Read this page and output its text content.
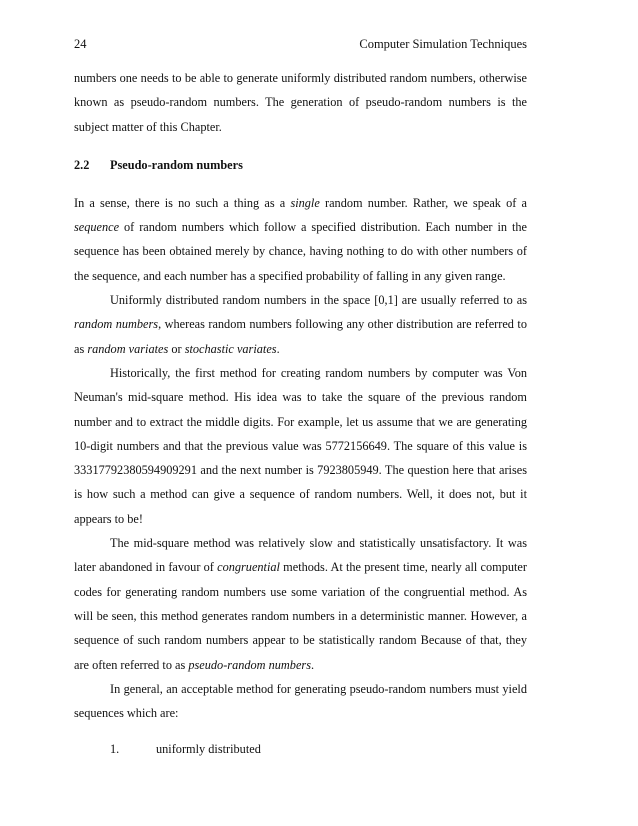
24	Computer Simulation Techniques

numbers one needs to be able to generate uniformly distributed random numbers, otherwise known as pseudo-random numbers. The generation of pseudo-random numbers is the subject matter of this Chapter.

2.2	Pseudo-random numbers

In a sense, there is no such a thing as a single random number. Rather, we speak of a sequence of random numbers which follow a specified distribution. Each number in the sequence has been obtained merely by chance, having nothing to do with other numbers of the sequence, and each number has a specified probability of falling in any given range.

Uniformly distributed random numbers in the space [0,1] are usually referred to as random numbers, whereas random numbers following any other distribution are referred to as random variates or stochastic variates.

Historically, the first method for creating random numbers by computer was Von Neuman's mid-square method. His idea was to take the square of the previous random number and to extract the middle digits. For example, let us assume that we are generating 10-digit numbers and that the previous value was 5772156649. The square of this value is 33317792380594909291 and the next number is 7923805949. The question here that arises is how such a method can give a sequence of random numbers. Well, it does not, but it appears to be!

The mid-square method was relatively slow and statistically unsatisfactory. It was later abandoned in favour of congruential methods. At the present time, nearly all computer codes for generating random numbers use some variation of the congruential method. As will be seen, this method generates random numbers in a deterministic manner. However, a sequence of such random numbers appear to be statistically random Because of that, they are often referred to as pseudo-random numbers.

In general, an acceptable method for generating pseudo-random numbers must yield sequences which are:

1.	uniformly distributed
